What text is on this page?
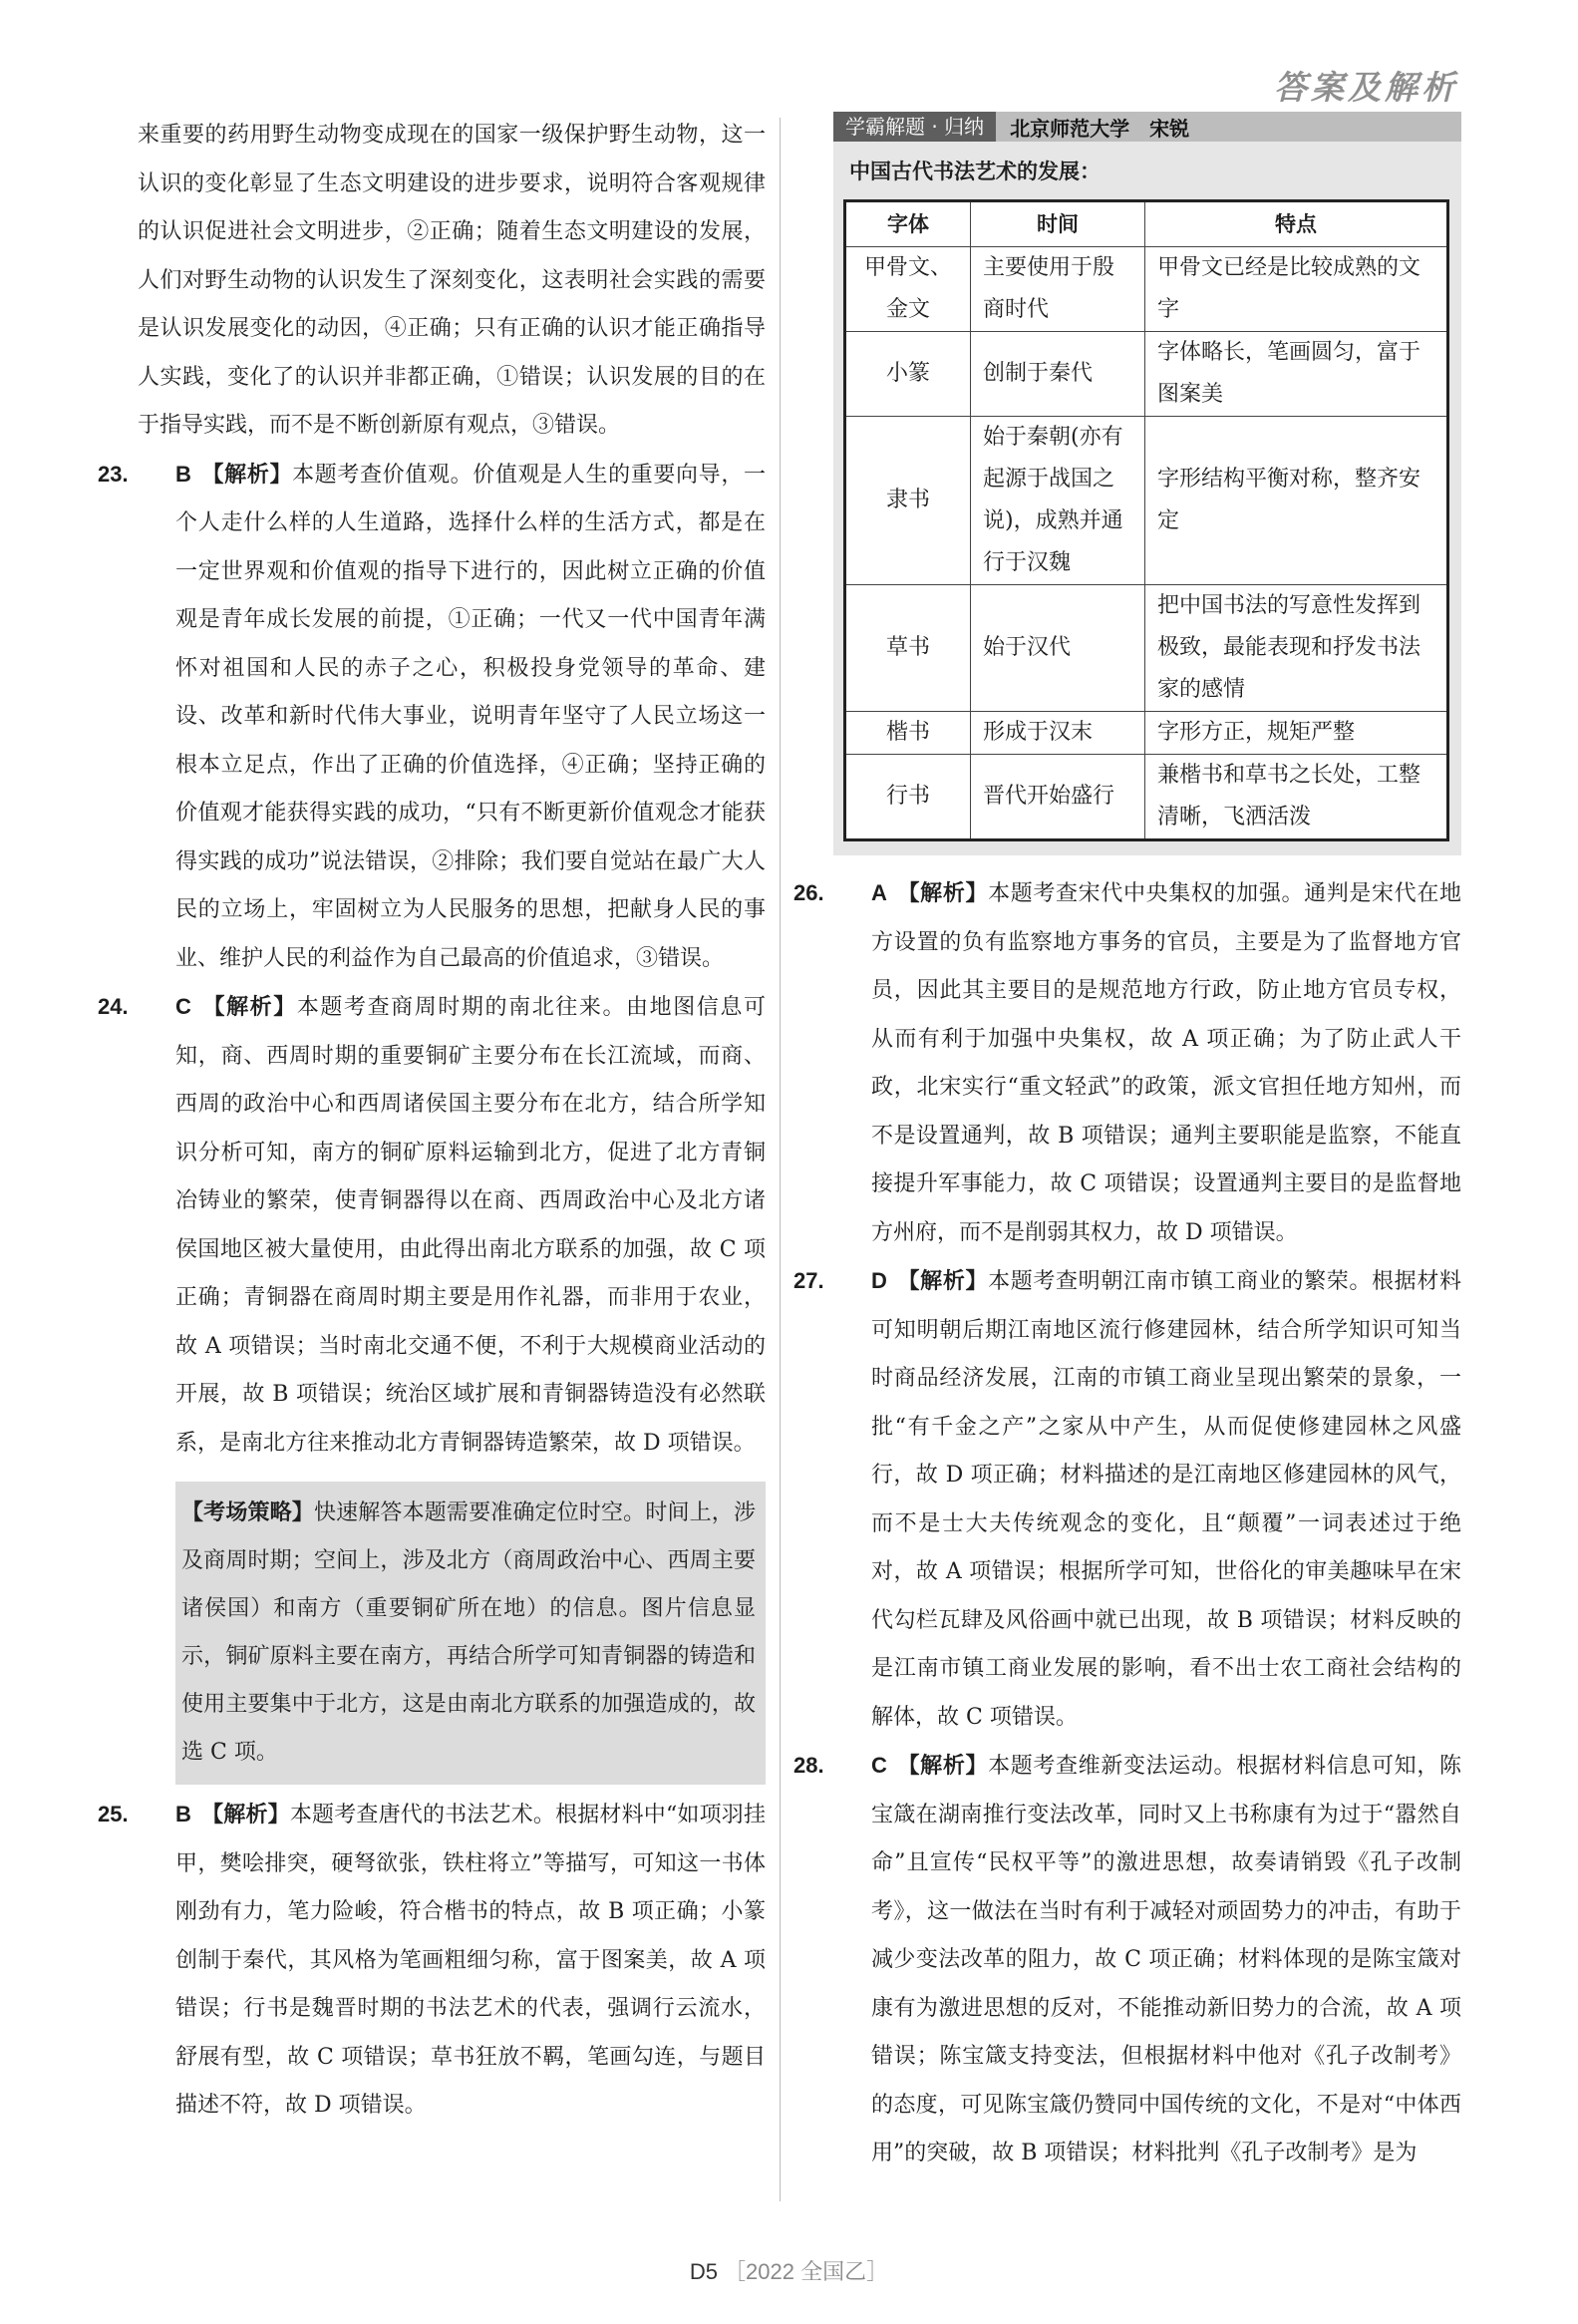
答案及解析

来重要的药用野生动物变成现在的国家一级保护野生动物，这一认识的变化彰显了生态文明建设的进步要求，说明符合客观规律的认识促进社会文明进步，②正确；随着生态文明建设的发展，人们对野生动物的认识发生了深刻变化，这表明社会实践的需要是认识发展变化的动因，④正确；只有正确的认识才能正确指导人实践，变化了的认识并非都正确，①错误；认识发展的目的在于指导实践，而不是不断创新原有观点，③错误。

23. B 【解析】本题考查价值观。价值观是人生的重要向导，一个人走什么样的人生道路，选择什么样的生活方式，都是在一定世界观和价值观的指导下进行的，因此树立正确的价值观是青年成长发展的前提，①正确；一代又一代中国青年满怀对祖国和人民的赤子之心，积极投身党领导的革命、建设、改革和新时代伟大事业，说明青年坚守了人民立场这一根本立足点，作出了正确的价值选择，④正确；坚持正确的价值观才能获得实践的成功，“只有不断更新价值观念才能获得实践的成功”说法错误，②排除；我们要自觉站在最广大人民的立场上，牢固树立为人民服务的思想，把献身人民的事业、维护人民的利益作为自己最高的价值追求，③错误。
24. C 【解析】本题考查商周时期的南北往来。由地图信息可知，商、西周时期的重要铜矿主要分布在长江流域，而商、西周的政治中心和西周诸侯国主要分布在北方，结合所学知识分析可知，南方的铜矿原料运输到北方，促进了北方青铜冶铸业的繁荣，使青铜器得以在商、西周政治中心及北方诸侯国地区被大量使用，由此得出南北方联系的加强，故 C 项正确；青铜器在商周时期主要是用作礼器，而非用于农业，故 A 项错误；当时南北交通不便，不利于大规模商业活动的开展，故 B 项错误；统治区域扩展和青铜器铸造没有必然联系，是南北方往来推动北方青铜器铸造繁荣，故 D 项错误。
【考场策略】快速解答本题需要准确定位时空。时间上，涉及商周时期；空间上，涉及北方（商周政治中心、西周主要诸侯国）和南方（重要铜矿所在地）的信息。图片信息显示，铜矿原料主要在南方，再结合所学可知青铜器的铸造和使用主要集中于北方，这是由南北方联系的加强造成的，故选 C 项。
25. B 【解析】本题考查唐代的书法艺术。根据材料中“如项羽挂甲，樊哙排突，硬弩欲张，铁柱将立”等描写，可知这一书体刚劲有力，笔力险峻，符合楷书的特点，故 B 项正确；小篆创制于秦代，其风格为笔画粗细匀称，富于图案美，故 A 项错误；行书是魏晋时期的书法艺术的代表，强调行云流水，舒展有型，故 C 项错误；草书狂放不羁，笔画勾连，与题目描述不符，故 D 项错误。
学霸解题 · 归纳	北京师范大学　宋锐
中国古代书法艺术的发展：
字体	时间	特点
甲骨文、金文	主要使用于殷商时代	甲骨文已经是比较成熟的文字
小篆	创制于秦代	字体略长，笔画圆匀，富于图案美
隶书	始于秦朝(亦有起源于战国之说)，成熟并通行于汉魏	字形结构平衡对称，整齐安定
草书	始于汉代	把中国书法的写意性发挥到极致，最能表现和抒发书法家的感情
楷书	形成于汉末	字形方正，规矩严整
行书	晋代开始盛行	兼楷书和草书之长处，工整清晰，飞洒活泼
26. A 【解析】本题考查宋代中央集权的加强。通判是宋代在地方设置的负有监察地方事务的官员，主要是为了监督地方官员，因此其主要目的是规范地方行政，防止地方官员专权，从而有利于加强中央集权，故 A 项正确；为了防止武人干政，北宋实行“重文轻武”的政策，派文官担任地方知州，而不是设置通判，故 B 项错误；通判主要职能是监察，不能直接提升军事能力，故 C 项错误；设置通判主要目的是监督地方州府，而不是削弱其权力，故 D 项错误。
27. D 【解析】本题考查明朝江南市镇工商业的繁荣。根据材料可知明朝后期江南地区流行修建园林，结合所学知识可知当时商品经济发展，江南的市镇工商业呈现出繁荣的景象，一批“有千金之产”之家从中产生，从而促使修建园林之风盛行，故 D 项正确；材料描述的是江南地区修建园林的风气，而不是士大夫传统观念的变化，且“颠覆”一词表述过于绝对，故 A 项错误；根据所学可知，世俗化的审美趣味早在宋代勾栏瓦肆及风俗画中就已出现，故 B 项错误；材料反映的是江南市镇工商业发展的影响，看不出士农工商社会结构的解体，故 C 项错误。
28. C 【解析】本题考查维新变法运动。根据材料信息可知，陈宝箴在湖南推行变法改革，同时又上书称康有为过于“嚣然自命”且宣传“民权平等”的激进思想，故奏请销毁《孔子改制考》，这一做法在当时有利于减轻对顽固势力的冲击，有助于减少变法改革的阻力，故 C 项正确；材料体现的是陈宝箴对康有为激进思想的反对，不能推动新旧势力的合流，故 A 项错误；陈宝箴支持变法，但根据材料中他对《孔子改制考》的态度，可见陈宝箴仍赞同中国传统的文化，不是对“中体西用”的突破，故 B 项错误；材料批判《孔子改制考》是为
D5 ［2022 全国乙］
